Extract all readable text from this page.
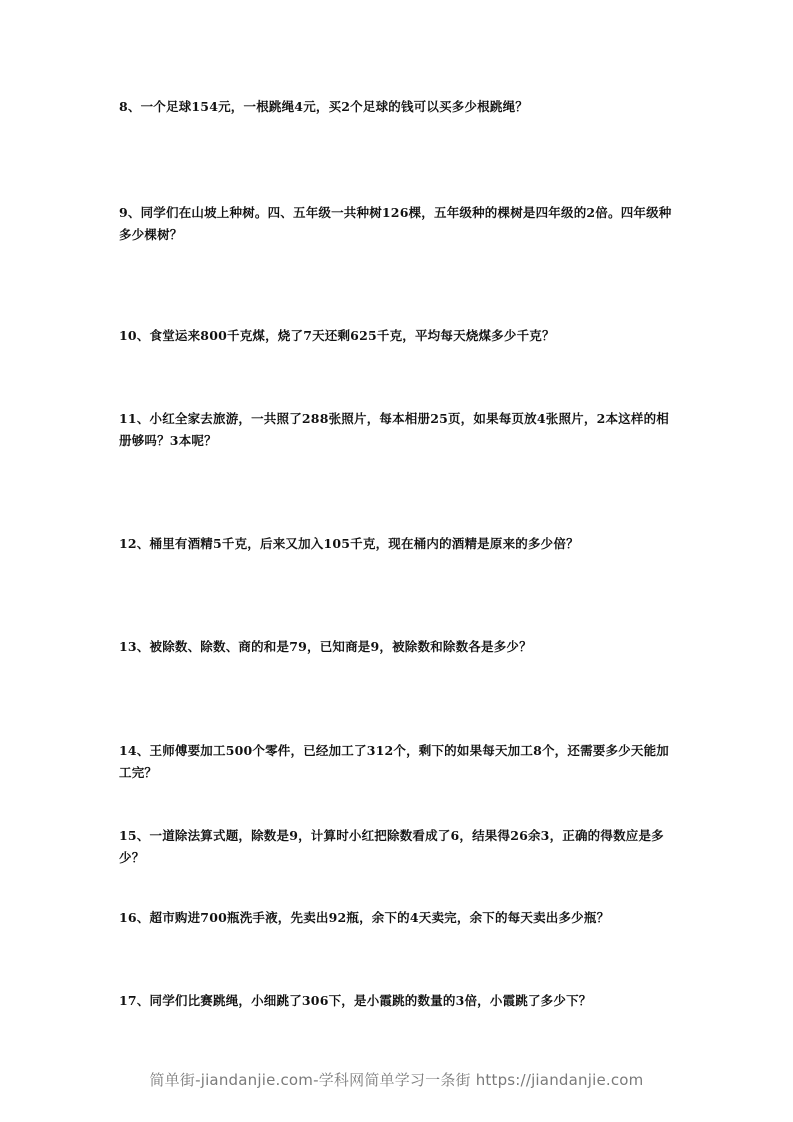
8、一个足球154元，一根跳绳4元，买2个足球的钱可以买多少根跳绳？
9、同学们在山坡上种树。四、五年级一共种树126棵，五年级种的棵树是四年级的2倍。四年级种多少棵树？
10、食堂运来800千克煤，烧了7天还剩625千克，平均每天烧煤多少千克？
11、小红全家去旅游，一共照了288张照片，每本相册25页，如果每页放4张照片，2本这样的相册够吗？3本呢？
12、桶里有酒精5千克，后来又加入105千克，现在桶内的酒精是原来的多少倍？
13、被除数、除数、商的和是79，已知商是9，被除数和除数各是多少？
14、王师傅要加工500个零件，已经加工了312个，剩下的如果每天加工8个，还需要多少天能加工完？
15、一道除法算式题，除数是9，计算时小红把除数看成了6，结果得26余3，正确的得数应是多少？
16、超市购进700瓶洗手液，先卖出92瓶，余下的4天卖完，余下的每天卖出多少瓶？
17、同学们比赛跳绳，小细跳了306下，是小霞跳的数量的3倍，小霞跳了多少下？
简单街-jiandanjie.com-学科网简单学习一条街 https://jiandanjie.com
